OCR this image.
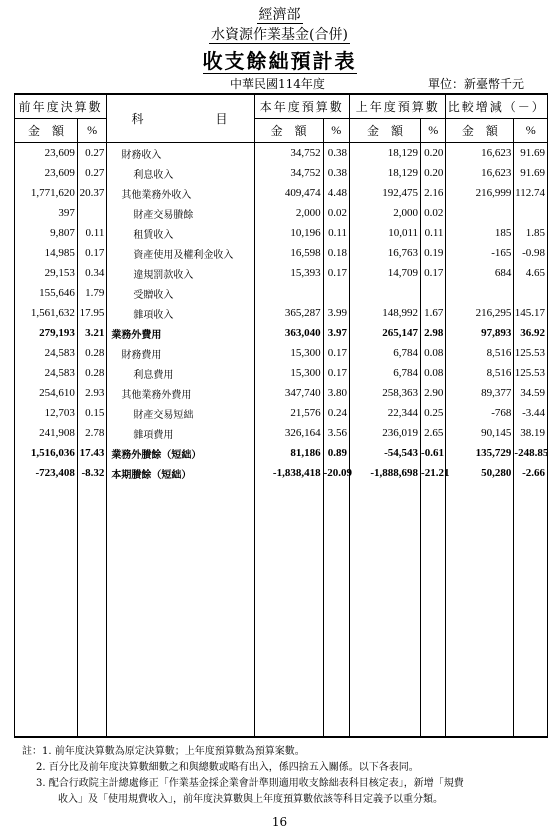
經濟部
水資源作業基金(合併)
收支餘絀預計表
中華民國114年度	單位：新臺幣千元
前年度決算數		科　　　　　目	本年度預算數		上年度預算數		比較增減（－）	
金　額	%		金　額	%	金　額	%	金　額	%
23,609	0.27	財務收入	34,752	0.38	18,129	0.20	16,623	91.69
23,609	0.27	利息收入	34,752	0.38	18,129	0.20	16,623	91.69
1,771,620	20.37	其他業務外收入	409,474	4.48	192,475	2.16	216,999	112.74
397		財產交易賸餘	2,000	0.02	2,000	0.02		
9,807	0.11	租賃收入	10,196	0.11	10,011	0.11	185	1.85
14,985	0.17	資產使用及權利金收入	16,598	0.18	16,763	0.19	-165	-0.98
29,153	0.34	違規罰款收入	15,393	0.17	14,709	0.17	684	4.65
155,646	1.79	受贈收入						
1,561,632	17.95	雜項收入	365,287	3.99	148,992	1.67	216,295	145.17
279,193	3.21	業務外費用	363,040	3.97	265,147	2.98	97,893	36.92
24,583	0.28	財務費用	15,300	0.17	6,784	0.08	8,516	125.53
24,583	0.28	利息費用	15,300	0.17	6,784	0.08	8,516	125.53
254,610	2.93	其他業務外費用	347,740	3.80	258,363	2.90	89,377	34.59
12,703	0.15	財產交易短絀	21,576	0.24	22,344	0.25	-768	-3.44
241,908	2.78	雜項費用	326,164	3.56	236,019	2.65	90,145	38.19
1,516,036	17.43	業務外賸餘（短絀）	81,186	0.89	-54,543	-0.61	135,729	-248.85
-723,408	-8.32	本期賸餘（短絀）	-1,838,418	-20.09	-1,888,698	-21.21	50,280	-2.66

註：1. 前年度決算數為原定決算數；上年度預算數為預算案數。
2. 百分比及前年度決算數細數之和與總數或略有出入，係四捨五入關係。以下各表同。
3. 配合行政院主計總處修正「作業基金採企業會計準則適用收支餘絀表科目核定表」，新增「規費
收入」及「使用規費收入」，前年度決算數與上年度預算數依該等科目定義予以重分類。
16
